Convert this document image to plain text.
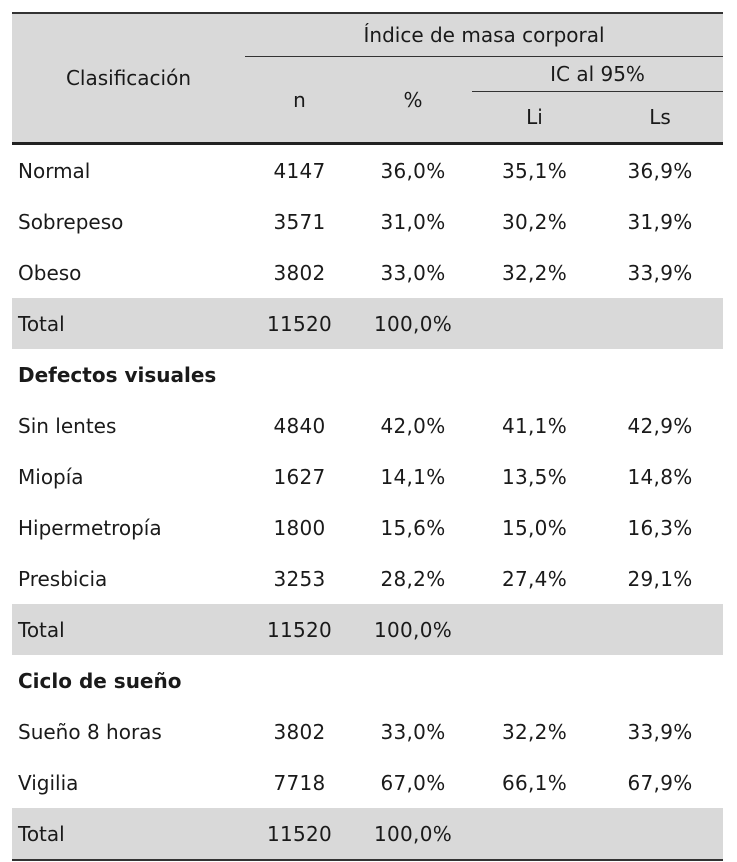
Clasificación	Índice de masa corporal			
	n	%	IC al 95%	
			Li	Ls
Normal	4147	36,0%	35,1%	36,9%
Sobrepeso	3571	31,0%	30,2%	31,9%
Obeso	3802	33,0%	32,2%	33,9%
Total	11520	100,0%		
Defectos visuales				
Sin lentes	4840	42,0%	41,1%	42,9%
Miopía	1627	14,1%	13,5%	14,8%
Hipermetropía	1800	15,6%	15,0%	16,3%
Presbicia	3253	28,2%	27,4%	29,1%
Total	11520	100,0%		
Ciclo de sueño				
Sueño 8 horas	3802	33,0%	32,2%	33,9%
Vigilia	7718	67,0%	66,1%	67,9%
Total	11520	100,0%		
